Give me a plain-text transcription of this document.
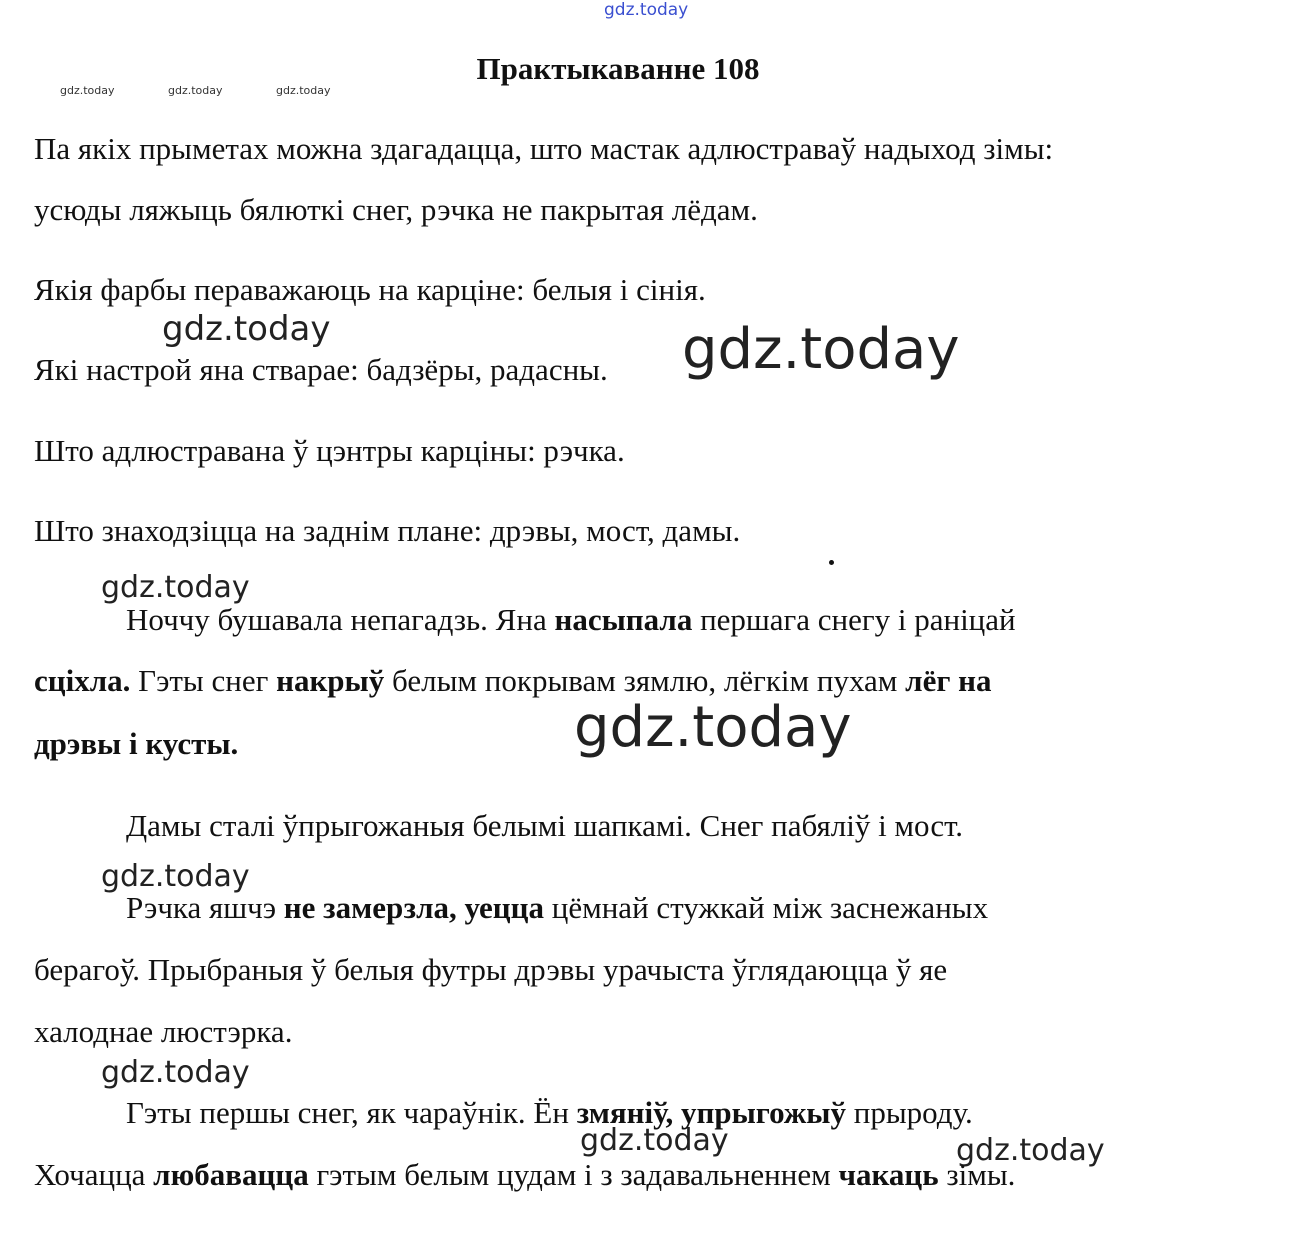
gdz.today
gdz.today	gdz.today	gdz.today
gdz.today	gdz.today
gdz.today
gdz.today
gdz.today
gdz.today
gdz.today	gdz.today
Практыкаванне 108
Па якіх прыметах можна здагадацца, што мастак адлюстраваў надыход зімы:
усюды ляжыць бялюткі снег, рэчка не пакрытая лёдам.
Якія фарбы пераважаюць на карціне: белыя і сінія.
Які настрой яна стварае: бадзёры, радасны.
Што адлюстравана ў цэнтры карціны: рэчка.
Што знаходзіцца на заднім плане: дрэвы, мост, дамы.
Ноччу бушавала непагадзь. Яна насыпала першага снегу і раніцай
сціхла. Гэты снег накрыў белым покрывам зямлю, лёгкім пухам лёг на
дрэвы і кусты.
Дамы сталі ўпрыгожаныя белымі шапкамі. Снег пабяліў і мост.
Рэчка яшчэ не замерзла, уецца цёмнай стужкай між заснежаных
берагоў. Прыбраныя ў белыя футры дрэвы урачыста ўглядаюцца ў яе
халоднае люстэрка.
Гэты першы снег, як чараўнік. Ён змяніў, упрыгожыў прыроду.
Хочацца любавацца гэтым белым цудам і з задавальненнем чакаць зімы.
